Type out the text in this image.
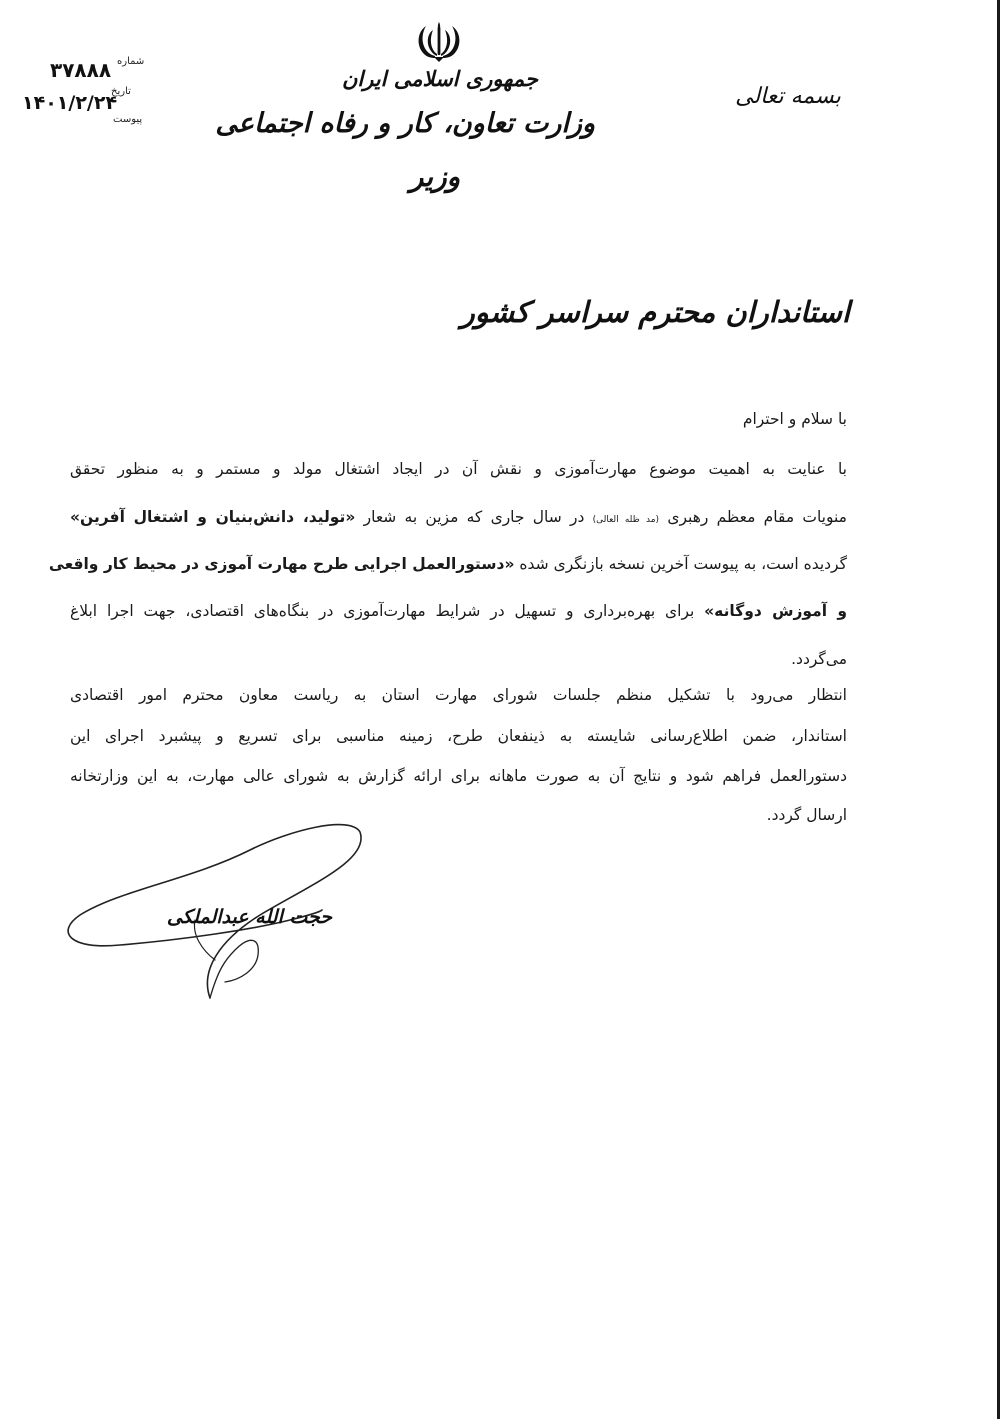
جمهوری اسلامی ایران
وزارت تعاون، کار و رفاه اجتماعی
وزیر
بسمه تعالی
شماره
۳۷۸۸۸
تاریخ
۱۴۰۱/۲/۲۴
پیوست
استانداران محترم سراسر کشور
با سلام و احترام
با عنایت به اهمیت موضوع مهارت‌آموزی و نقش آن در ایجاد اشتغال مولد و مستمر و به منظور تحقق
منویات مقام معظم رهبری (مد ظله العالی) در سال جاری که مزین به شعار «تولید، دانش‌بنیان و اشتغال آفرین»
گردیده است، به پیوست آخرین نسخه بازنگری شده «دستورالعمل اجرایی طرح مهارت آموزی در محیط کار واقعی
و آموزش دوگانه» برای بهره‌برداری و تسهیل در شرایط مهارت‌آموزی در بنگاه‌های اقتصادی، جهت اجرا ابلاغ
می‌گردد.
انتظار می‌رود با تشکیل منظم جلسات شورای مهارت استان به ریاست معاون محترم امور اقتصادی
استاندار، ضمن اطلاع‌رسانی شایسته به ذینفعان طرح، زمینه مناسبی برای تسریع و پیشبرد اجرای این
دستورالعمل فراهم شود و نتایج آن به صورت ماهانه برای ارائه گزارش به شورای عالی مهارت، به این وزارتخانه
ارسال گردد.
حجت الله عبدالملکی
